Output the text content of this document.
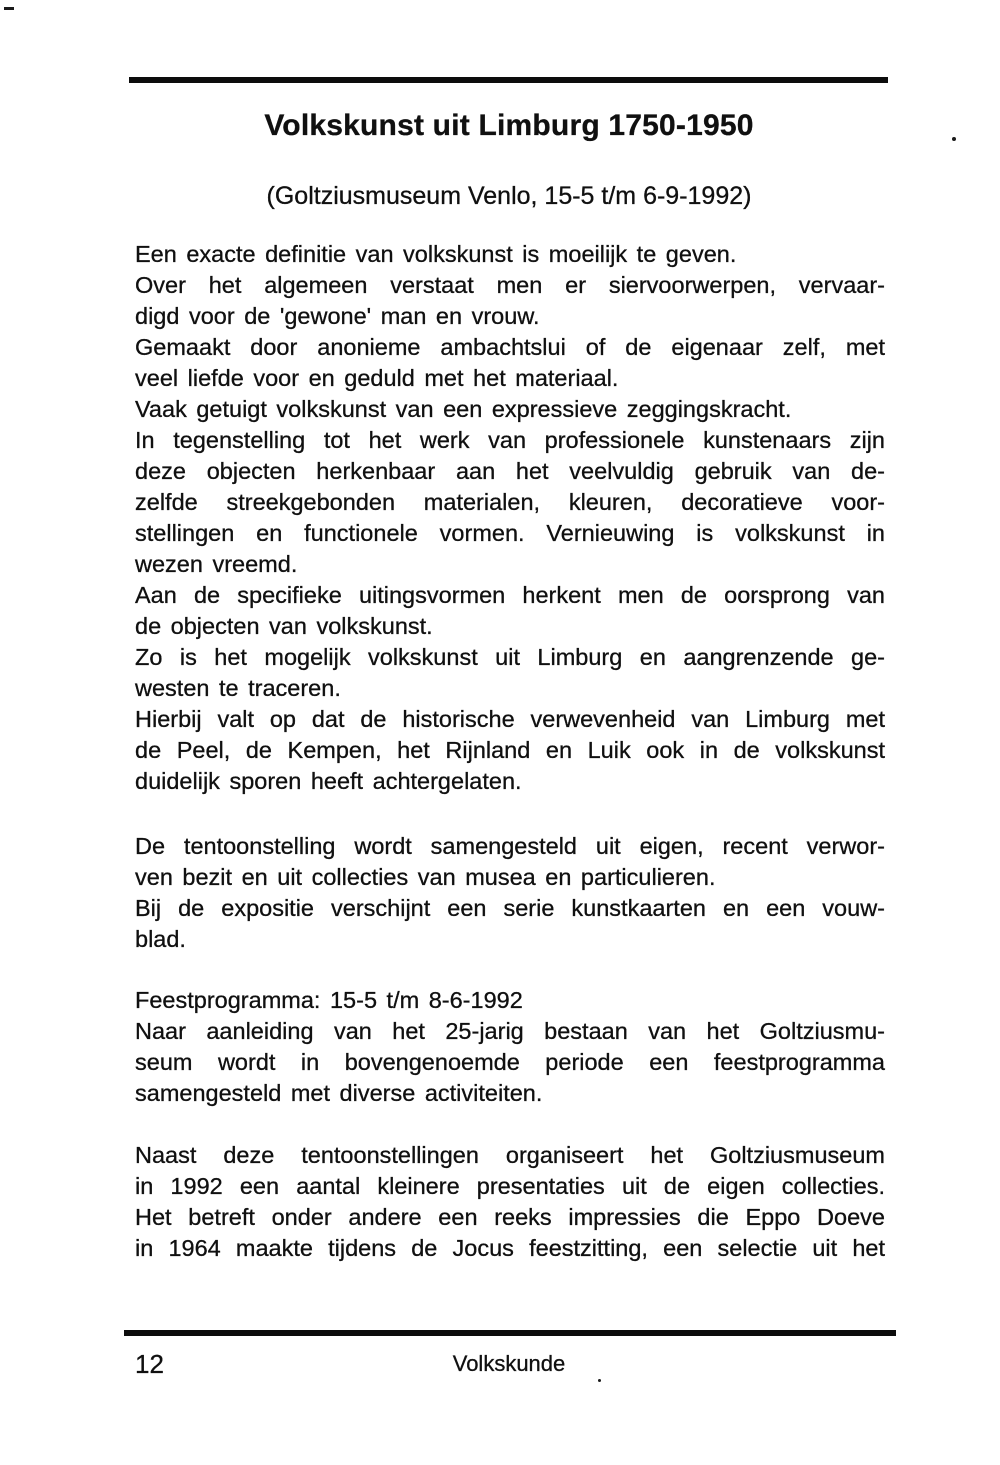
Volkskunst uit Limburg 1750-1950
(Goltziusmuseum Venlo, 15-5 t/m 6-9-1992)
Een exacte definitie van volkskunst is moeilijk te geven.
Over het algemeen verstaat men er siervoorwerpen, vervaar-
digd voor de 'gewone' man en vrouw.
Gemaakt door anonieme ambachtslui of de eigenaar zelf, met
veel liefde voor en geduld met het materiaal.
Vaak getuigt volkskunst van een expressieve zeggingskracht.
In tegenstelling tot het werk van professionele kunstenaars zijn
deze objecten herkenbaar aan het veelvuldig gebruik van de-
zelfde streekgebonden materialen, kleuren, decoratieve voor-
stellingen en functionele vormen. Vernieuwing is volkskunst in
wezen vreemd.
Aan de specifieke uitingsvormen herkent men de oorsprong van
de objecten van volkskunst.
Zo is het mogelijk volkskunst uit Limburg en aangrenzende ge-
westen te traceren.
Hierbij valt op dat de historische verwevenheid van Limburg met
de Peel, de Kempen, het Rijnland en Luik ook in de volkskunst
duidelijk sporen heeft achtergelaten.
De tentoonstelling wordt samengesteld uit eigen, recent verwor-
ven bezit en uit collecties van musea en particulieren.
Bij de expositie verschijnt een serie kunstkaarten en een vouw-
blad.
Feestprogramma: 15-5 t/m 8-6-1992
Naar aanleiding van het 25-jarig bestaan van het Goltziusmu-
seum wordt in bovengenoemde periode een feestprogramma
samengesteld met diverse activiteiten.
Naast deze tentoonstellingen organiseert het Goltziusmuseum
in 1992 een aantal kleinere presentaties uit de eigen collecties.
Het betreft onder andere een reeks impressies die Eppo Doeve
in 1964 maakte tijdens de Jocus feestzitting, een selectie uit het
12	Volkskunde
